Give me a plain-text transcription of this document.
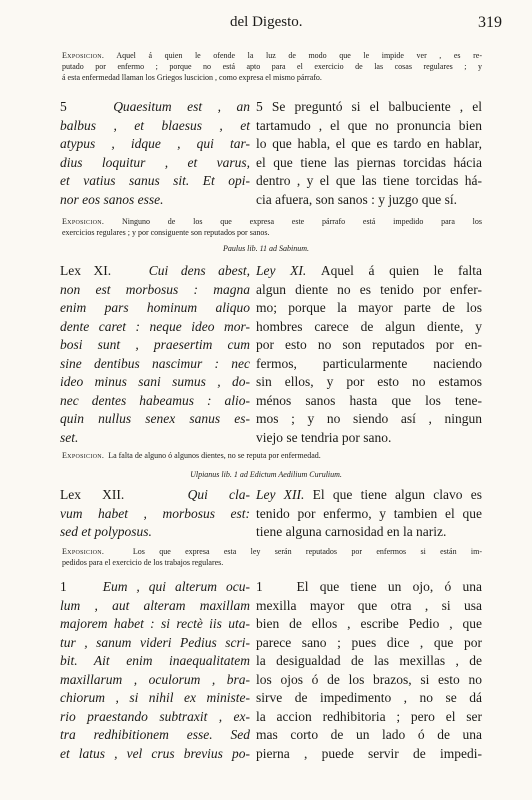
del Digesto.	319
Exposicion. Aquel á quien le ofende la luz de modo que le impide ver , es re-
putado por enfermo ; porque no está apto para el exercicio de las cosas regulares ; y
á esta enfermedad llaman los Griegos luscicion , como expresa el mismo párrafo.
5	Quaesitum est , an
balbus , et blaesus , et
atypus , idque , qui tar-
dius loquitur , et varus,
et vatius sanus sit. Et opi-
nor eos sanos esse.
5 Se preguntó si el balbuciente , el
tartamudo , el que no pronuncia bien
lo que habla, el que es tardo en hablar,
el que tiene las piernas torcidas hácia
dentro , y el que las tiene torcidas há-
cia afuera, son sanos : y juzgo que sí.
Exposicion. Ninguno de los que expresa este párrafo está impedido para los
exercicios regulares ; y por consiguente son reputados por sanos.
Paulus lib. 11 ad Sabinum.
Lex XI.	Cui dens abest,
non est morbosus : magna
enim pars hominum aliquo
dente caret : neque ideo mor-
bosi sunt , praesertim cum
sine dentibus nascimur : nec
ideo minus sani sumus , do-
nec dentes habeamus : alio-
quin nullus senex sanus es-
set.
Ley XI. Aquel á quien le falta
algun diente no es tenido por enfer-
mo; porque la mayor parte de los
hombres carece de algun diente, y
por esto no son reputados por en-
fermos, particularmente naciendo
sin ellos, y por esto no estamos
ménos sanos hasta que los tene-
mos ; y no siendo así , ningun
viejo se tendria por sano.
Exposicion. La falta de alguno ó algunos dientes, no se reputa por enfermedad.
Ulpianus lib. 1 ad Edictum Aedilium Curulium.
Lex XII.	Qui cla-
vum habet , morbosus est:
sed et polyposus.
Ley XII. El que tiene algun clavo es
tenido por enfermo, y tambien el que
tiene alguna carnosidad en la nariz.
Exposicion.	Los que expresa esta ley serán reputados por enfermos si están im-
pedidos para el exercicio de los trabajos regulares.
1	Eum , qui alterum ocu-
lum , aut alteram maxillam
majorem habet : si rectè iis uta-
tur , sanum videri Pedius scri-
bit. Ait enim inaequalitatem
maxillarum , oculorum , bra-
chiorum , si nihil ex ministe-
rio praestando subtraxit , ex-
tra redhibitionem esse. Sed
et latus , vel crus brevius po-
1 El que tiene un ojo, ó una
mexilla mayor que otra , si usa
bien de ellos , escribe Pedio , que
parece sano ; pues dice , que por
la desigualdad de las mexillas , de
los ojos ó de los brazos, si esto no
sirve de impedimento , no se dá
la accion redhibitoria ; pero el ser
mas corto de un lado ó de una
pierna , puede servir de impedi-
